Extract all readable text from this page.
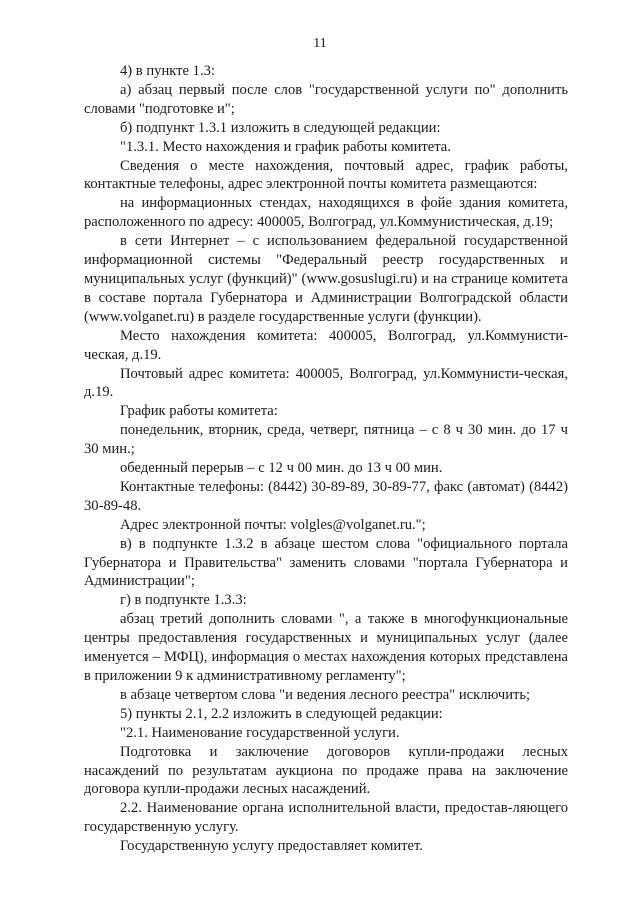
11

4) в пункте 1.3:

а) абзац первый после слов "государственной услуги по" дополнить словами "подготовке и";

б) подпункт 1.3.1 изложить в следующей редакции:

"1.3.1. Место нахождения и график работы комитета.

Сведения о месте нахождения, почтовый адрес, график работы, контактные телефоны, адрес электронной почты комитета размещаются:

на информационных стендах, находящихся в фойе здания комитета, расположенного по адресу: 400005, Волгоград, ул.Коммунистическая, д.19;

в сети Интернет – с использованием федеральной государственной информационной системы "Федеральный реестр государственных и муниципальных услуг (функций)" (www.gosuslugi.ru) и на странице комитета в составе портала Губернатора и Администрации Волгоградской области (www.volganet.ru) в разделе государственные услуги (функции).

Место нахождения комитета: 400005, Волгоград, ул.Коммунисти-ческая, д.19.

Почтовый адрес комитета: 400005, Волгоград, ул.Коммунисти-ческая, д.19.

График работы комитета:

понедельник, вторник, среда, четверг, пятница – с 8 ч 30 мин. до 17 ч 30 мин.;

обеденный перерыв – с 12 ч 00 мин. до 13 ч 00 мин.

Контактные телефоны: (8442) 30-89-89, 30-89-77, факс (автомат) (8442) 30-89-48.

Адрес электронной почты: volgles@volganet.ru.";

в) в подпункте 1.3.2 в абзаце шестом слова "официального портала Губернатора и Правительства" заменить словами "портала Губернатора и Администрации";

г) в подпункте 1.3.3:

абзац третий дополнить словами ", а также в многофункциональные центры предоставления государственных и муниципальных услуг (далее именуется – МФЦ), информация о местах нахождения которых представлена в приложении 9 к административному регламенту";

в абзаце четвертом слова "и ведения лесного реестра" исключить;

5) пункты 2.1, 2.2 изложить в следующей редакции:

"2.1. Наименование государственной услуги.

Подготовка и заключение договоров купли-продажи лесных насаждений по результатам аукциона по продаже права на заключение договора купли-продажи лесных насаждений.

2.2. Наименование органа исполнительной власти, предостав-ляющего государственную услугу.

Государственную услугу предоставляет комитет.
